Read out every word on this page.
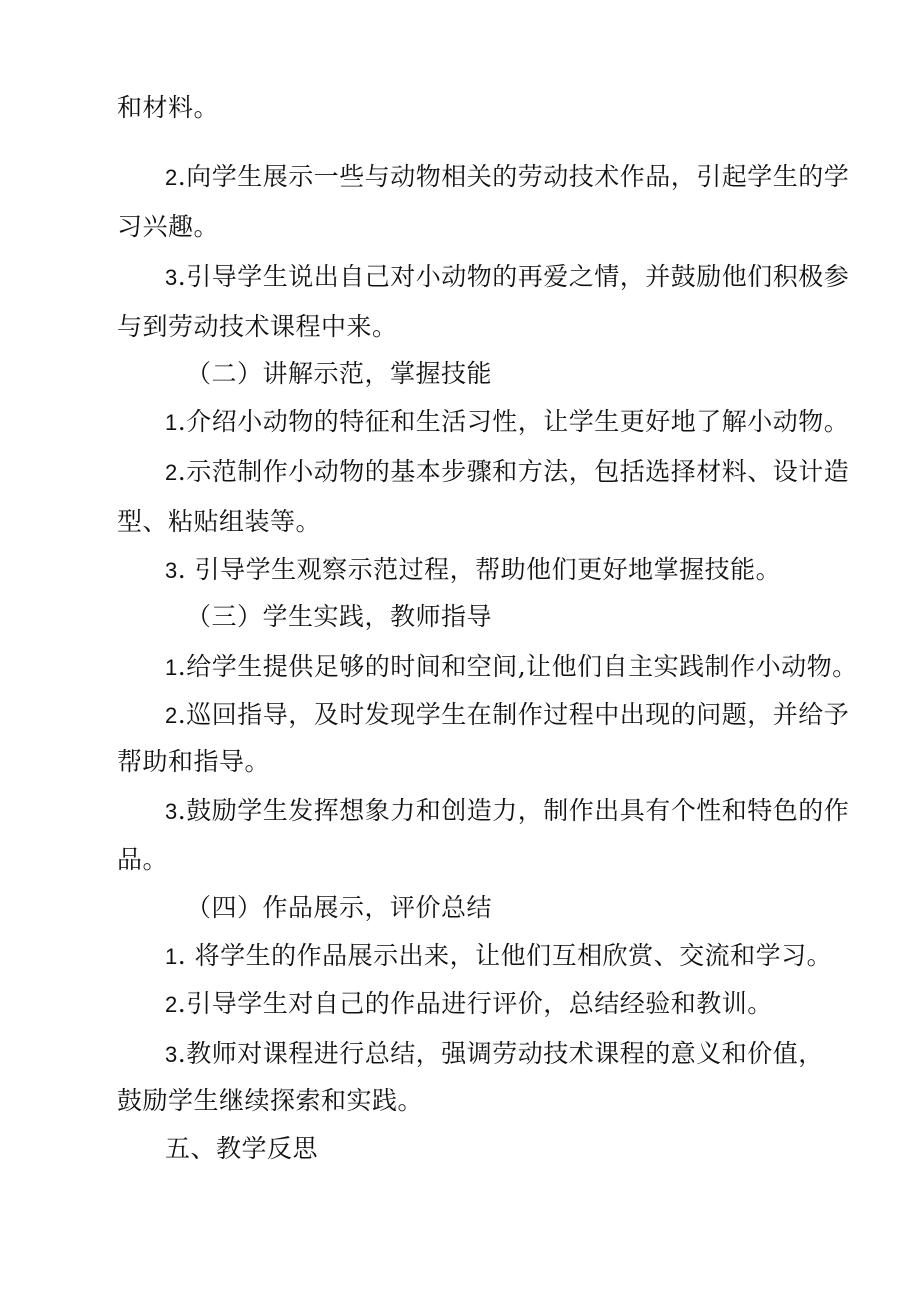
和材料。
2.向学生展示一些与动物相关的劳动技术作品，引起学生的学
习兴趣。
3.引导学生说出自己对小动物的再爱之情，并鼓励他们积极参
与到劳动技术课程中来。
（二）讲解示范，掌握技能
1.介绍小动物的特征和生活习性，让学生更好地了解小动物。
2.示范制作小动物的基本步骤和方法，包括选择材料、设计造
型、粘贴组装等。
3. 引导学生观察示范过程，帮助他们更好地掌握技能。
（三）学生实践，教师指导
1.给学生提供足够的时间和空间,让他们自主实践制作小动物。
2.巡回指导，及时发现学生在制作过程中出现的问题，并给予
帮助和指导。
3.鼓励学生发挥想象力和创造力，制作出具有个性和特色的作
品。
（四）作品展示，评价总结
1. 将学生的作品展示出来，让他们互相欣赏、交流和学习。
2.引导学生对自己的作品进行评价，总结经验和教训。
3.教师对课程进行总结，强调劳动技术课程的意义和价值，
鼓励学生继续探索和实践。
五、教学反思
